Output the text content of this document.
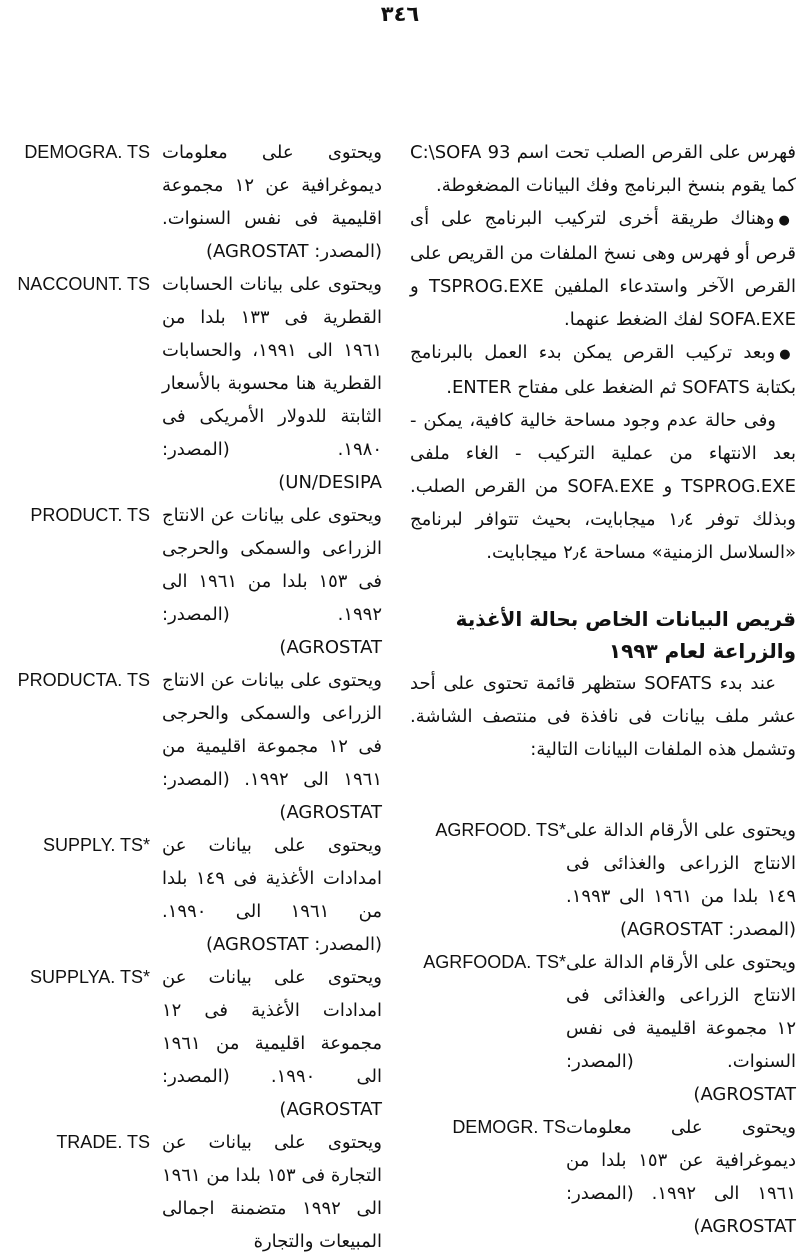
٣٤٦

فهرس على القرص الصلب تحت اسم C:\SOFA 93 كما يقوم بنسخ البرنامج وفك البيانات المضغوطة.

●وهناك طريقة أخرى لتركيب البرنامج على أى قرص أو فهرس وهى نسخ الملفات من القريص على القرص الآخر واستدعاء الملفين TSPROG.EXE و SOFA.EXE لفك الضغط عنهما.

●وبعد تركيب القرص يمكن بدء العمل بالبرنامج بكتابة SOFATS ثم الضغط على مفتاح ENTER.

وفى حالة عدم وجود مساحة خالية كافية، يمكن - بعد الانتهاء من عملية التركيب - الغاء ملفى TSPROG.EXE و SOFA.EXE من القرص الصلب. وبذلك توفر ١٫٤ ميجابايت، بحيث تتوافر لبرنامج «السلاسل الزمنية» مساحة ٢٫٤ ميجابايت.

قريص البيانات الخاص بحالة الأغذية والزراعة لعام ١٩٩٣

عند بدء SOFATS ستظهر قائمة تحتوى على أحد عشر ملف بيانات فى نافذة فى منتصف الشاشة. وتشمل هذه الملفات البيانات التالية:

ويحتوى على الأرقام الدالة على الانتاج الزراعى والغذائى فى ١٤٩ بلدا من ١٩٦١ الى ١٩٩٣. (المصدر: AGROSTAT)
AGRFOOD. TS*
ويحتوى على الأرقام الدالة على الانتاج الزراعى والغذائى فى ١٢ مجموعة اقليمية فى نفس السنوات. (المصدر: AGROSTAT)
AGRFOODA. TS*
ويحتوى على معلومات ديموغرافية عن ١٥٣ بلدا من ١٩٦١ الى ١٩٩٢. (المصدر: AGROSTAT)
DEMOGR. TS
ويحتوى على معلومات ديموغرافية عن ١٢ مجموعة اقليمية فى نفس السنوات. (المصدر: AGROSTAT)
DEMOGRA. TS
ويحتوى على بيانات الحسابات القطرية فى ١٣٣ بلدا من ١٩٦١ الى ١٩٩١، والحسابات القطرية هنا محسوبة بالأسعار الثابتة للدولار الأمريكى فى ١٩٨٠. (المصدر: UN/DESIPA)
NACCOUNT. TS
ويحتوى على بيانات عن الانتاج الزراعى والسمكى والحرجى فى ١٥٣ بلدا من ١٩٦١ الى ١٩٩٢. (المصدر: AGROSTAT)
PRODUCT. TS
ويحتوى على بيانات عن الانتاج الزراعى والسمكى والحرجى فى ١٢ مجموعة اقليمية من ١٩٦١ الى ١٩٩٢. (المصدر: AGROSTAT)
PRODUCTA. TS
ويحتوى على بيانات عن امدادات الأغذية فى ١٤٩ بلدا من ١٩٦١ الى ١٩٩٠. (المصدر: AGROSTAT)
SUPPLY. TS*
ويحتوى على بيانات عن امدادات الأغذية فى ١٢ مجموعة اقليمية من ١٩٦١ الى ١٩٩٠. (المصدر: AGROSTAT)
SUPPLYA. TS*
ويحتوى على بيانات عن التجارة فى ١٥٣ بلدا من ١٩٦١ الى ١٩٩٢ متضمنة اجمالى المبيعات والتجارة
TRADE. TS
